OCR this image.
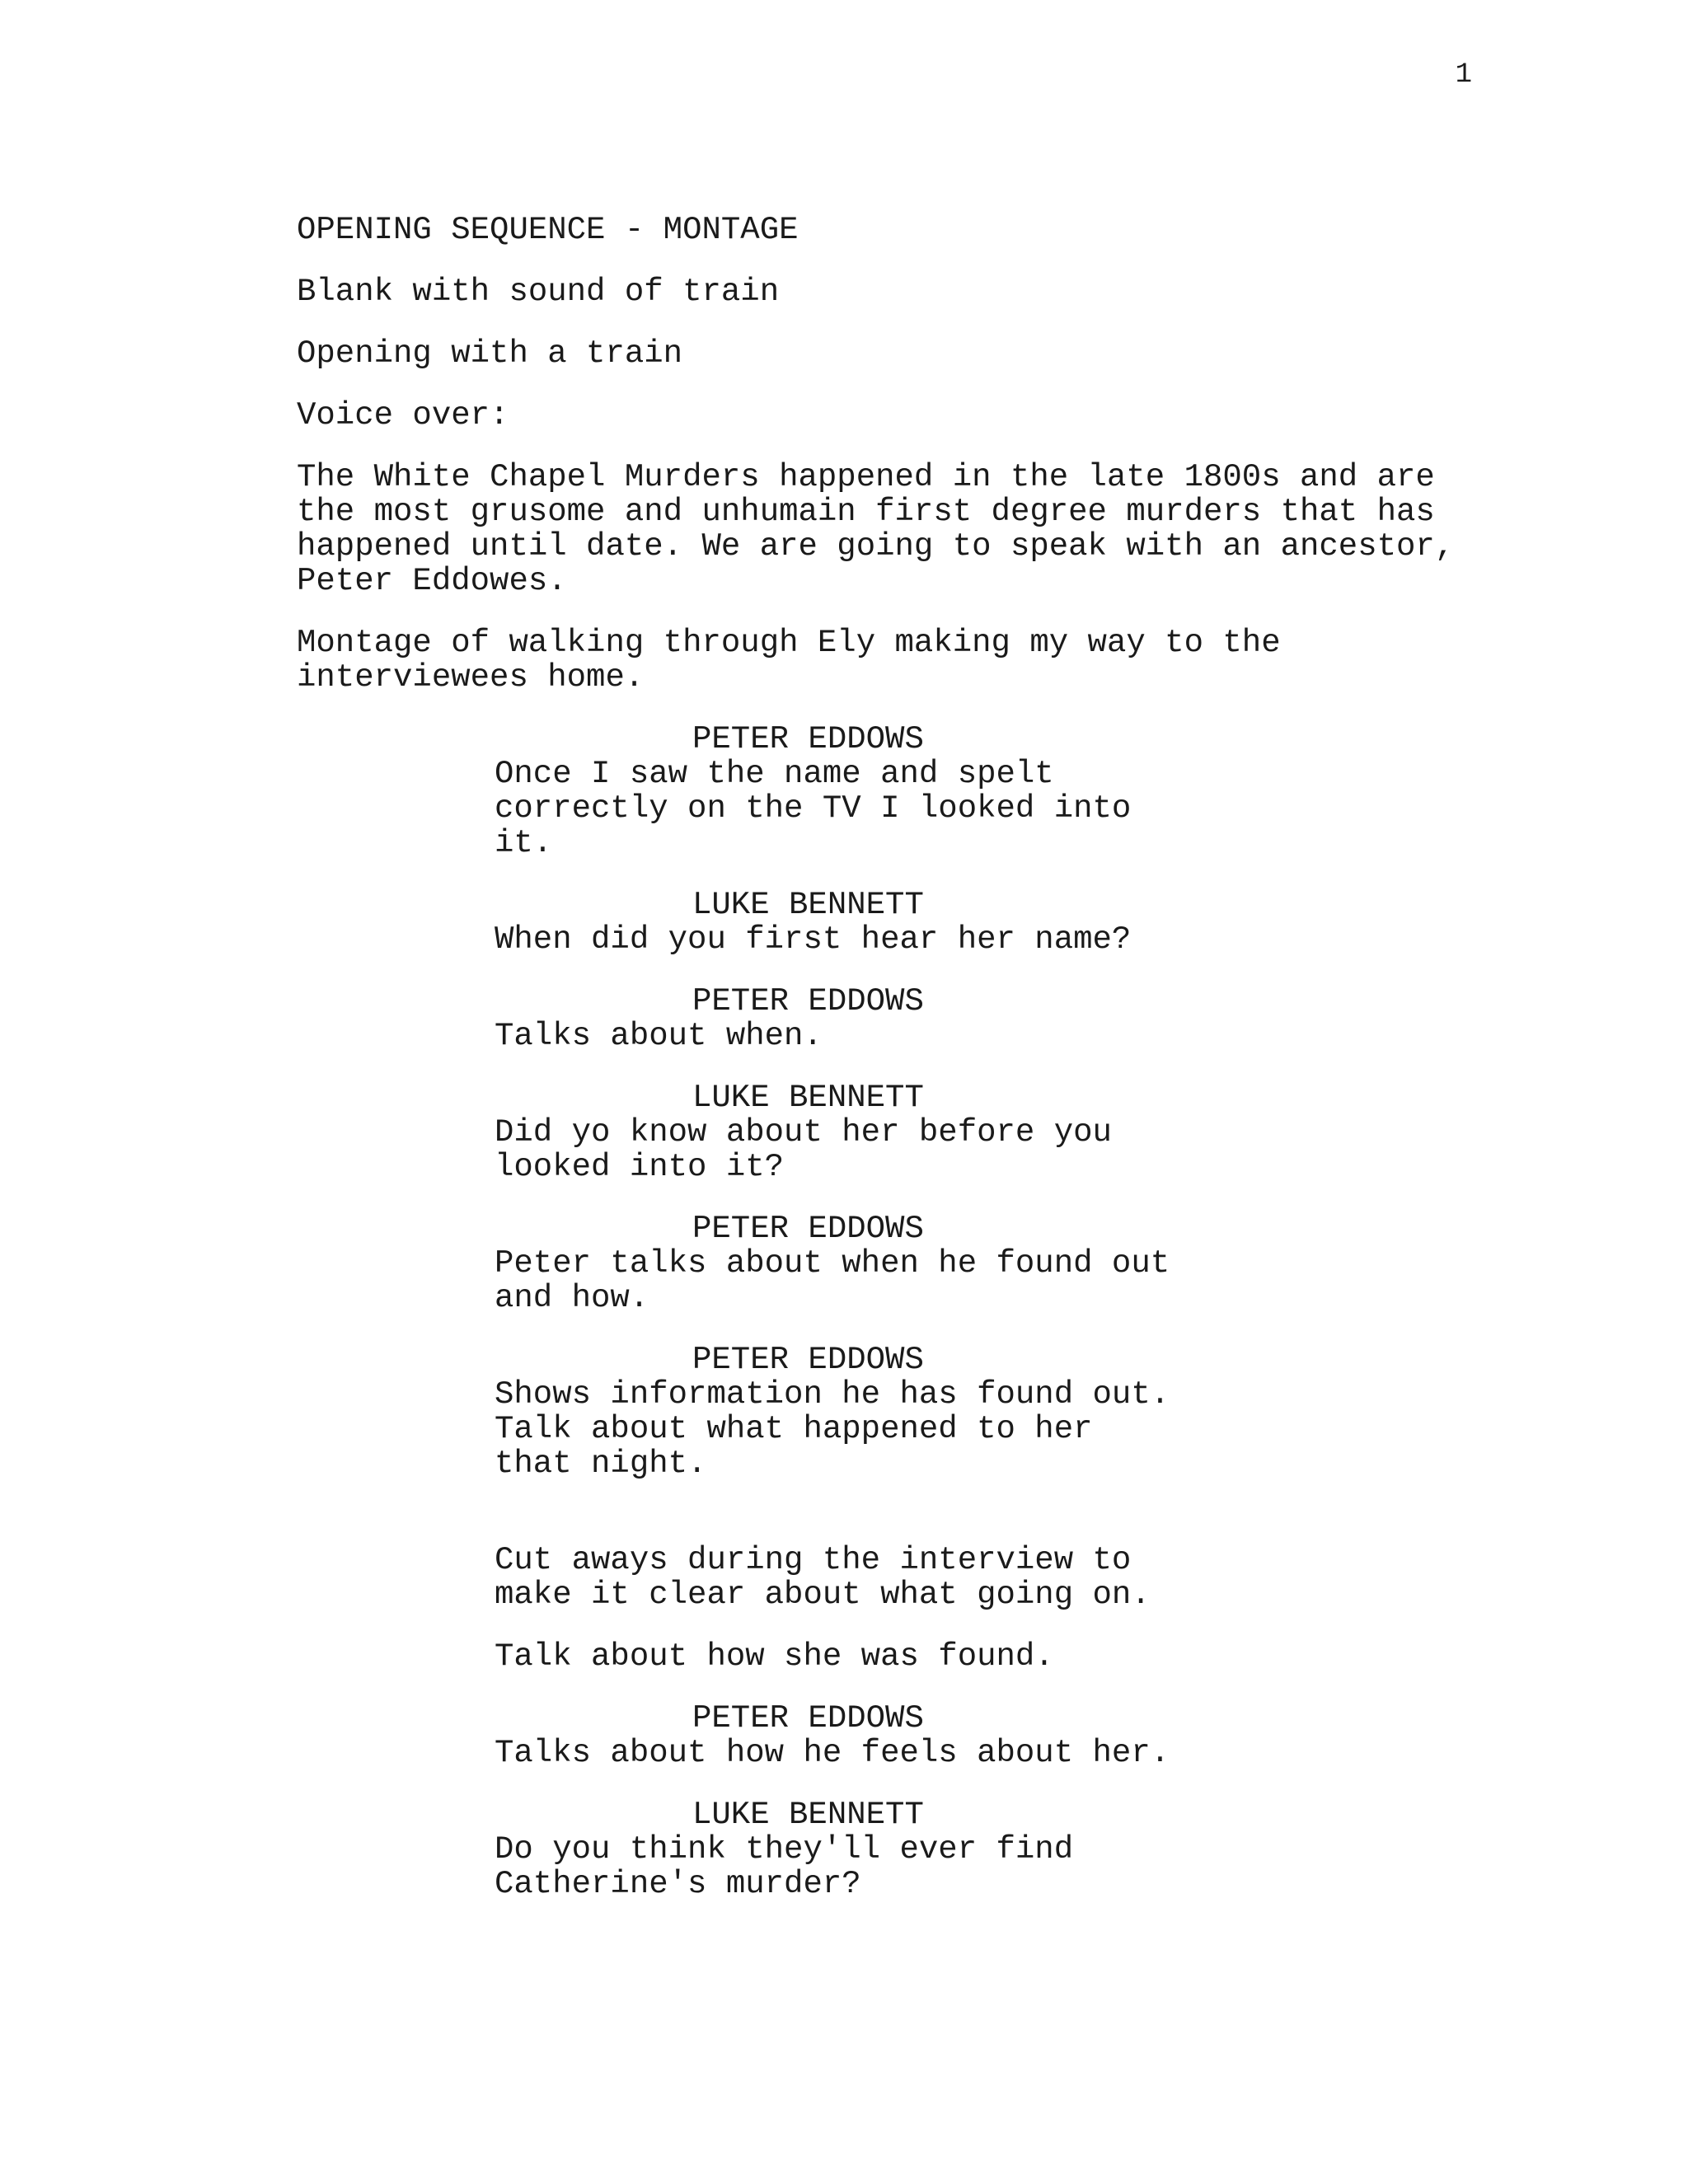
1
OPENING SEQUENCE - MONTAGE
Blank with sound of train
Opening with a train
Voice over:
The White Chapel Murders happened in the late 1800s and are
the most grusome and unhumain first degree murders that has
happened until date. We are going to speak with an ancestor,
Peter Eddowes.
Montage of walking through Ely making my way to the
interviewees home.
PETER EDDOWS
Once I saw the name and spelt
correctly on the TV I looked into
it.
LUKE BENNETT
When did you first hear her name?
PETER EDDOWS
Talks about when.
LUKE BENNETT
Did yo know about her before you
looked into it?
PETER EDDOWS
Peter talks about when he found out
and how.
PETER EDDOWS
Shows information he has found out.
Talk about what happened to her
that night.
Cut aways during the interview to
make it clear about what going on.
Talk about how she was found.
PETER EDDOWS
Talks about how he feels about her.
LUKE BENNETT
Do you think they'll ever find
Catherine's murder?
